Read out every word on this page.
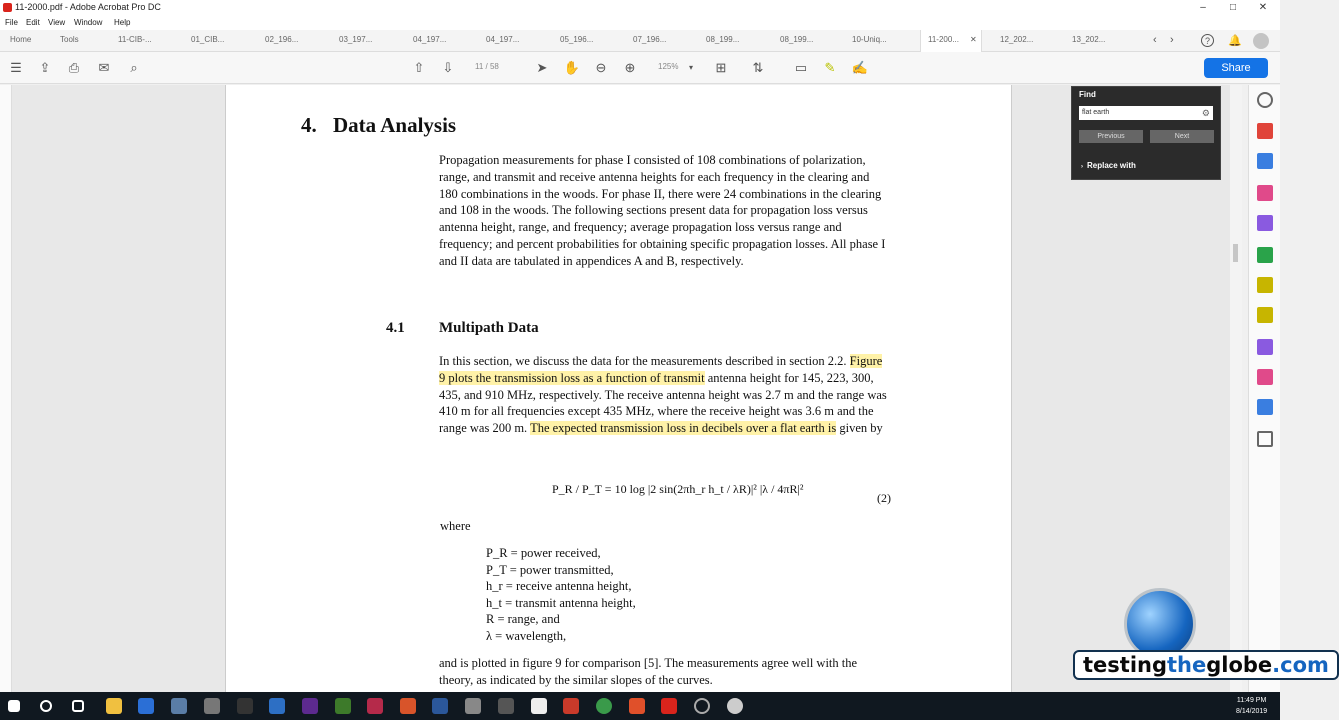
11-2000.pdf - Adobe Acrobat Pro DC	–	□	✕
File Edit View Window Help
Home	Tools	11-CIB-...	01_CIB...	02_196...	03_197...	04_197...	04_197...	05_196...	07_196...	08_199...	08_199...	10-Uniq...	11-200... ✕	12_202...	13_202...	‹ ›	?	🔔
☰ ⇪ ⎙ ✉	⌕	⇧ ⇩	11 / 58	➤ ✋ ⊖ ⊕	125%	▾	⊞ ⇅ ▭ ✎ ✍	Share
4. Data Analysis
Propagation measurements for phase I consisted of 108 combinations of polarization, range, and transmit and receive antenna heights for each frequency in the clearing and 180 combinations in the woods. For phase II, there were 24 combinations in the clearing and 108 in the woods. The following sections present data for propagation loss versus antenna height, range, and frequency; average propagation loss versus range and frequency; and percent probabilities for obtaining specific propagation losses. All phase I and II data are tabulated in appendices A and B, respectively.
4.1 Multipath Data
In this section, we discuss the data for the measurements described in section 2.2. Figure 9 plots the transmission loss as a function of transmit antenna height for 145, 223, 300, 435, and 910 MHz, respectively. The receive antenna height was 2.7 m and the range was 410 m for all frequencies except 435 MHz, where the receive height was 3.6 m and the range was 200 m. The expected transmission loss in decibels over a flat earth is given by
P_R / P_T = 10 log |2 sin(2πh_r h_t / λR)|² |λ / 4πR|²
(2)
where
P_R = power received,
P_T = power transmitted,
h_r = receive antenna height,
h_t = transmit antenna height,
R = range, and
λ = wavelength,
and is plotted in figure 9 for comparison [5]. The measurements agree well with the theory, as indicated by the similar slopes of the curves.
Find
flat earth	⚙
Previous	Next
› Replace with
testingtheglobe.com
11:49 PM
8/14/2019
